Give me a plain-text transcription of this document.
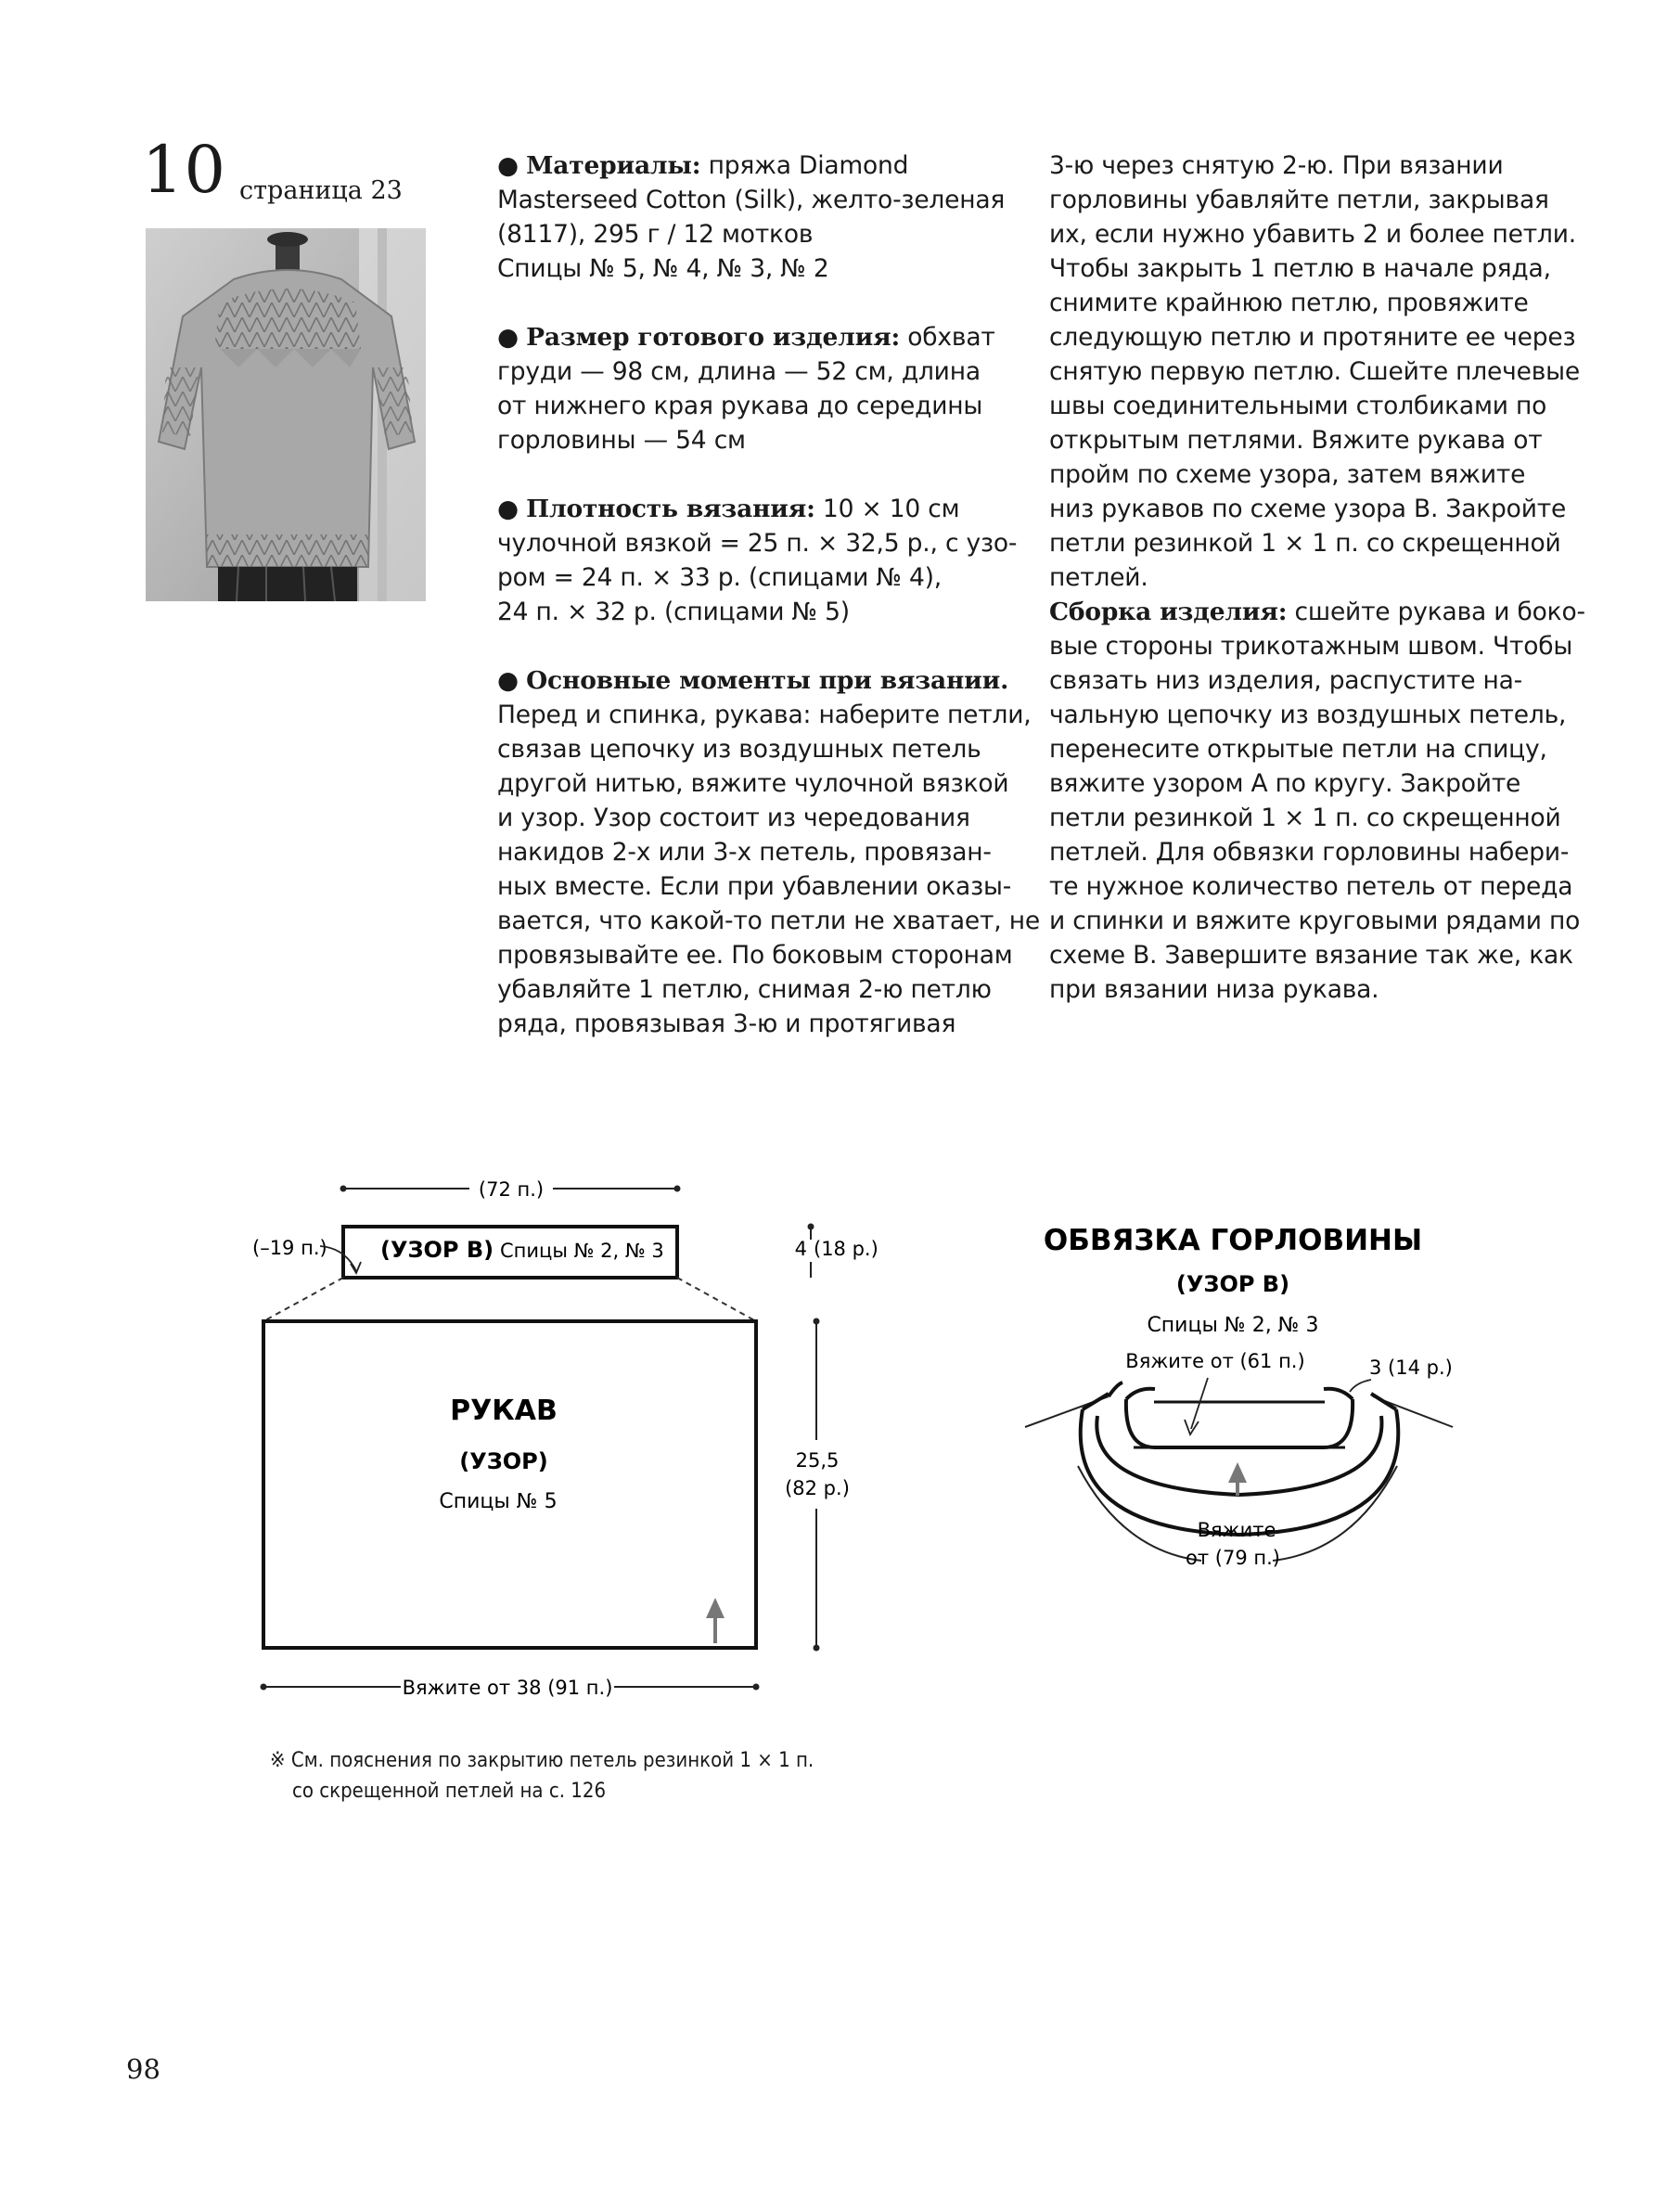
10 страница 23
● Материалы: пряжа Diamond
Masterseed Cotton (Silk), желто-зеленая
(8117), 295 г / 12 мотков
Спицы № 5, № 4, № 3, № 2
● Размер готового изделия: обхват
груди — 98 см, длина — 52 см, длина
от нижнего края рукава до середины
горловины — 54 см
● Плотность вязания: 10 × 10 см
чулочной вязкой = 25 п. × 32,5 р., с узо-
ром = 24 п. × 33 р. (спицами № 4),
24 п. × 32 р. (спицами № 5)
● Основные моменты при вязании.
Перед и спинка, рукава: наберите петли,
связав цепочку из воздушных петель
другой нитью, вяжите чулочной вязкой
и узор. Узор состоит из чередования
накидов 2-х или 3-х петель, провязан-
ных вместе. Если при убавлении оказы-
вается, что какой-то петли не хватает, не
провязывайте ее. По боковым сторонам
убавляйте 1 петлю, снимая 2-ю петлю
ряда, провязывая 3-ю и протягивая
3-ю через снятую 2-ю. При вязании
горловины убавляйте петли, закрывая
их, если нужно убавить 2 и более петли.
Чтобы закрыть 1 петлю в начале ряда,
снимите крайнюю петлю, провяжите
следующую петлю и протяните ее через
снятую первую петлю. Сшейте плечевые
швы соединительными столбиками по
открытым петлями. Вяжите рукава от
пройм по схеме узора, затем вяжите
низ рукавов по схеме узора B. Закройте
петли резинкой 1 × 1 п. со скрещенной
петлей.
Сборка изделия: сшейте рукава и боко-
вые стороны трикотажным швом. Чтобы
связать низ изделия, распустите на-
чальную цепочку из воздушных петель,
перенесите открытые петли на спицу,
вяжите узором A по кругу. Закройте
петли резинкой 1 × 1 п. со скрещенной
петлей. Для обвязки горловины набери-
те нужное количество петель от переда
и спинки и вяжите круговыми рядами по
схеме B. Завершите вязание так же, как
при вязании низа рукава.
(72 п.)
(–19 п.) (УЗОР B) Спицы № 2, № 3	4 (18 р.)
РУКАВ
(УЗОР)
Спицы № 5
25,5
(82 р.)
Вяжите от 38 (91 п.)
ОБВЯЗКА ГОРЛОВИНЫ
(УЗОР B)
Спицы № 2, № 3
Вяжите от (61 п.)	3 (14 р.)
Вяжите
от (79 п.)
※ См. пояснения по закрытию петель резинкой 1 × 1 п.
со скрещенной петлей на с. 126
98
